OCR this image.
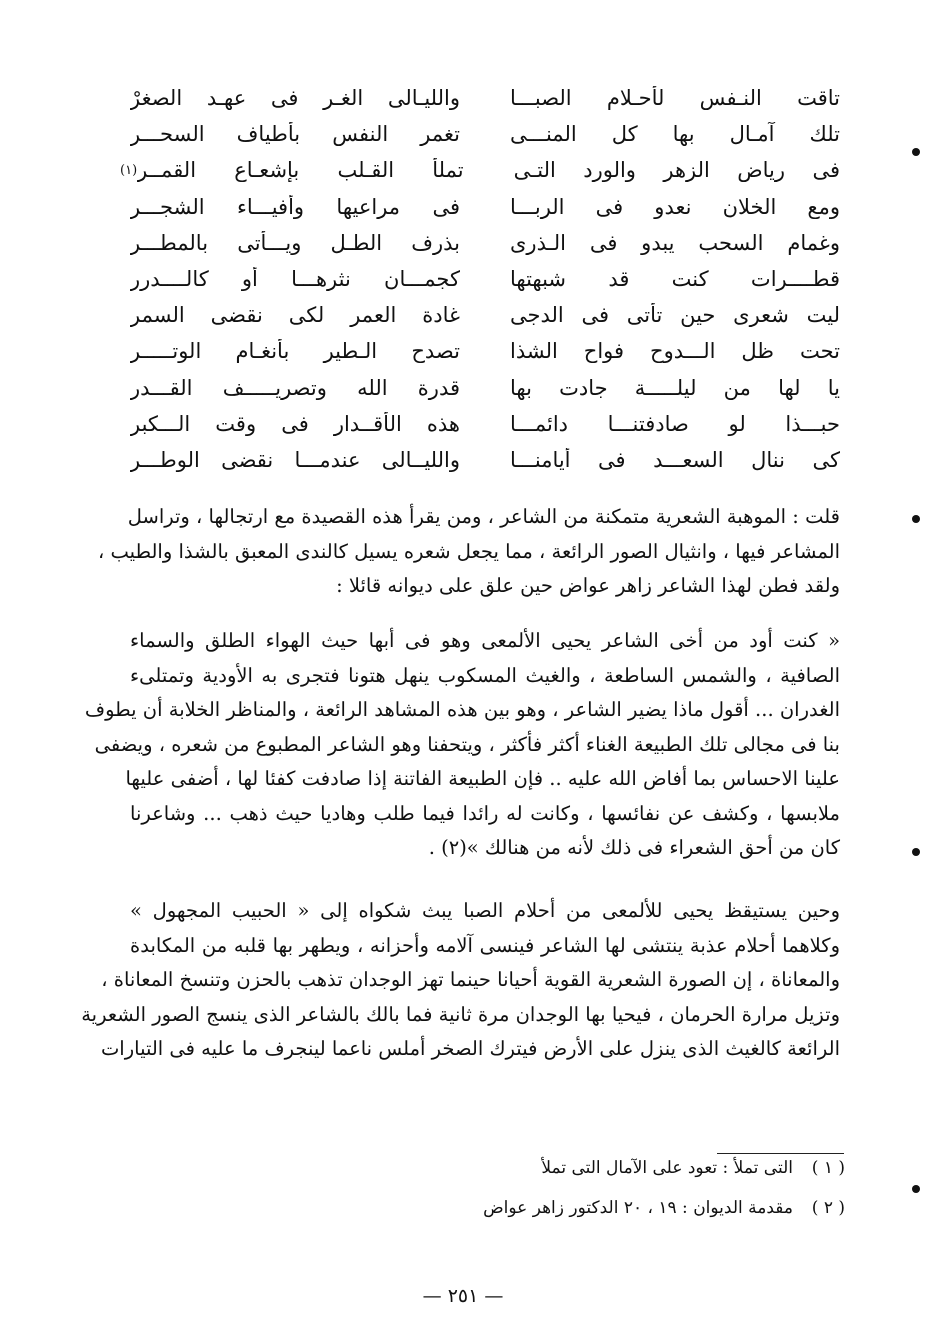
تاقت النـفس لأحـلام الصبـــا
والليـالى الغـر فى عهـد الصغرْ
تلك آمـال بها كل المنـــى
تغمر النفس بأطياف السحـــر
فى رياض الزهر والورد التـى
تملأ القـلب بإشعـاع القمــر
(١)
ومع الخلان نعدو فى الربـــا
فى مراعيها وأفيـــاء الشجـــر
وغمام السحب يبدو فى الـذرى
بذرف الطـل ويـــأتى بالمطـــر
قطــــرات كنت قد شبهتها
كجمـــان نثرهـــا أو كالــــدرر
ليت شعرى حين تأتى فى الدجى
غادة العمر لكى نقضى السمر
تحت ظل الـــدوح فواح الشذا
تصدح الـطير بأنغـام الوتـــــر
يا لها من ليلـــــة جادت بها
قدرة الله وتصريـــــف القـــدر
حبـــذا لو صادفتنـــا دائمـــا
هذه الأقــدار فى وقت الـــكبر
كى ننال السعـــد فى أيامنـــا
والليــالى عندمـــا نقضى الوطـــر
قلت : الموهبة الشعرية متمكنة من الشاعر ، ومن يقرأ هذه القصيدة مع ارتجالها ، وتراسل
المشاعر فيها ، وانثيال الصور الرائعة ، مما يجعل شعره يسيل كالندى المعبق بالشذا والطيب ،
ولقد فطن لهذا الشاعر زاهر عواض حين علق على ديوانه قائلا :
« كنت أود من أخى الشاعر يحيى الألمعى وهو فى أبها حيث الهواء الطلق والسماء
الصافية ، والشمس الساطعة ، والغيث المسكوب ينهل هتونا فتجرى به الأودية وتمتلىء
الغدران ... أقول ماذا يضير الشاعر ، وهو بين هذه المشاهد الرائعة ، والمناظر الخلابة أن يطوف
بنا فى مجالى تلك الطبيعة الغناء أكثر فأكثر ، ويتحفنا وهو الشاعر المطبوع من شعره ، ويضفى
علينا الاحساس بما أفاض الله عليه .. فإن الطبيعة الفاتنة إذا صادفت كفئا لها ، أضفى عليها
ملابسها ، وكشف عن نفائسها ، وكانت له رائدا فيما طلب وهاديا حيث ذهب ... وشاعرنا
كان من أحق الشعراء فى ذلك لأنه من هنالك »(٢) .
وحين يستيقظ يحيى للألمعى من أحلام الصبا يبث شكواه إلى « الحبيب المجهول »
وكلاهما أحلام عذبة ينتشى لها الشاعر فينسى آلامه وأحزانه ، ويطهر بها قلبه من المكابدة
والمعاناة ، إن الصورة الشعرية القوية أحيانا حينما تهز الوجدان تذهب بالحزن وتنسخ المعاناة ،
وتزيل مرارة الحرمان ، فيحيا بها الوجدان مرة ثانية فما بالك بالشاعر الذى ينسج الصور الشعرية
الرائعة كالغيث الذى ينزل على الأرض فيترك الصخر أملس ناعما لينجرف ما عليه فى التيارات
( ١ )
التى تملأ : تعود على الآمال التى تملأ
( ٢ )
مقدمة الديوان : ١٩ ، ٢٠ الدكتور زاهر عواض
— ٢٥١ —
